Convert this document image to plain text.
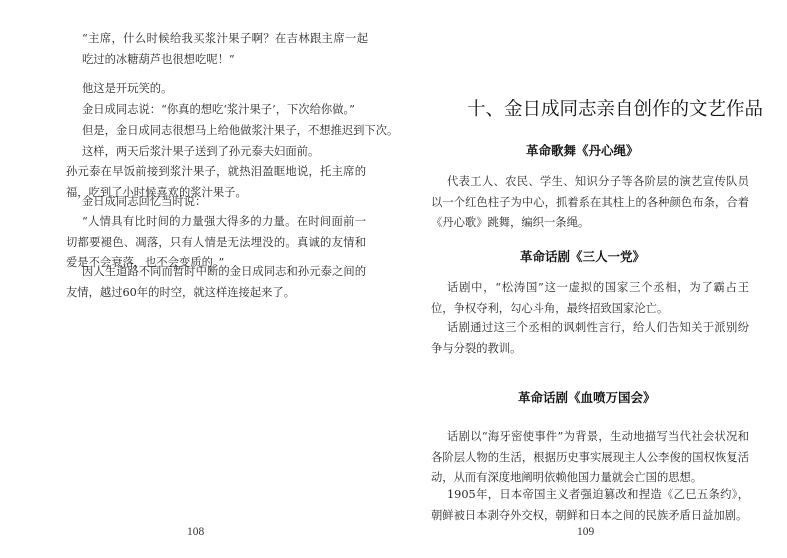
“主席，什么时候给我买浆汁果子啊？在吉林跟主席一起吃过的冰糖葫芦也很想吃呢！”

他这是开玩笑的。

金日成同志说：“你真的想吃‘浆汁果子’，下次给你做。”

但是，金日成同志很想马上给他做浆汁果子，不想推迟到下次。

这样，两天后浆汁果子送到了孙元泰夫妇面前。

孙元泰在早饭前接到浆汁果子，就热泪盈眶地说，托主席的福，吃到了小时候喜欢的浆汁果子。

金日成同志回忆当时说：

“人情具有比时间的力量强大得多的力量。在时间面前一切都要褪色、凋落，只有人情是无法埋没的。真诚的友情和爱是不会衰落，也不会变质的。”

因人生道路不同而暂时中断的金日成同志和孙元泰之间的友情，越过60年的时空，就这样连接起来了。

108

十、金日成同志亲自创作的文艺作品
革命歌舞《丹心绳》

代表工人、农民、学生、知识分子等各阶层的演艺宣传队员以一个红色柱子为中心，抓着系在其柱上的各种颜色布条，合着《丹心歌》跳舞，编织一条绳。

革命话剧《三人一党》

话剧中，“松涛国”这一虚拟的国家三个丞相，为了霸占王位，争权夺利，勾心斗角，最终招致国家沦亡。

话剧通过这三个丞相的讽刺性言行，给人们告知关于派别纷争与分裂的教训。

革命话剧《血喷万国会》

话剧以“海牙密使事件”为背景，生动地描写当代社会状况和各阶层人物的生活，根据历史事实展现主人公李俊的国权恢复活动，从而有深度地阐明依赖他国力量就会亡国的思想。

1905年，日本帝国主义者强迫篡改和捏造《乙巳五条约》，朝鲜被日本剥夺外交权，朝鲜和日本之间的民族矛盾日益加剧。

109
